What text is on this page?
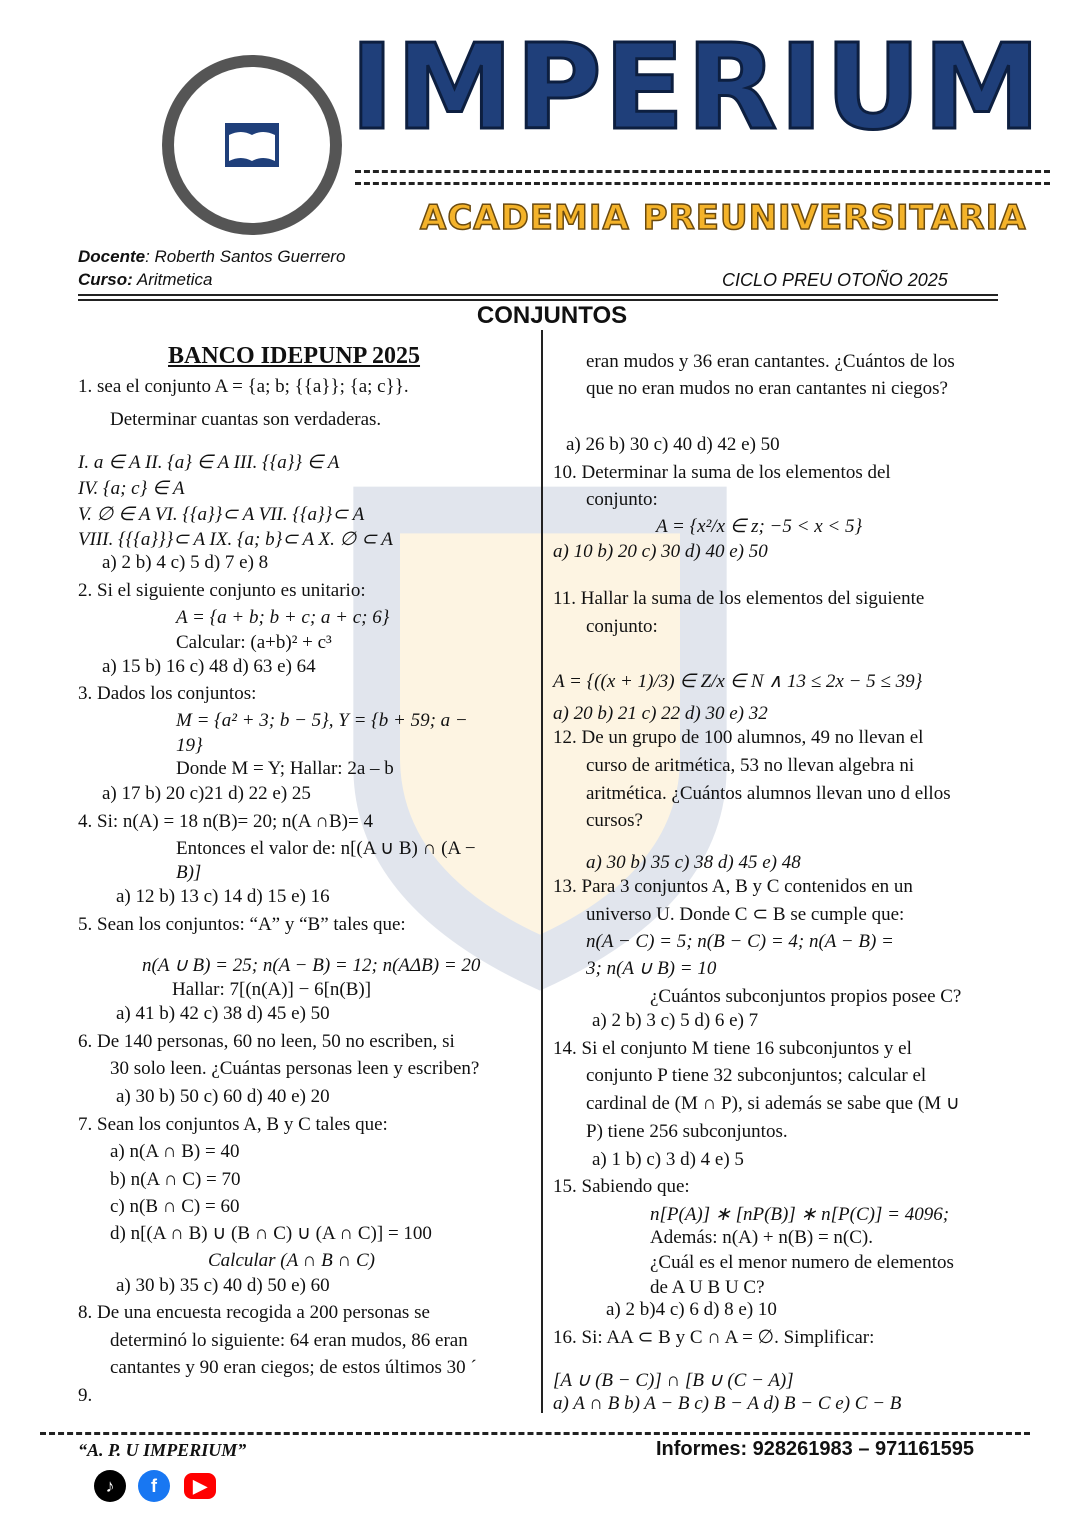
IMPERIUM
ACADEMIA PREUNIVERSITARIA
Docente: Roberth Santos Guerrero
Curso: Aritmetica	CICLO PREU OTOÑO 2025
CONJUNTOS
BANCO IDEPUNP 2025
1. sea el conjunto A = {a; b; {{a}}; {a; c}}.
Determinar cuantas son verdaderas.
I. a ∈ A II. {a} ∈ A III. {{a}} ∈ A
IV. {a; c} ∈ A
V. ∅ ∈ A VI. {{a}}⊂ A VII. {{a}}⊂ A
VIII. {{{a}}}⊂ A IX. {a; b}⊂ A X. ∅ ⊂ A
a) 2 b) 4 c) 5 d) 7 e) 8
2. Si el siguiente conjunto es unitario:
A = {a + b; b + c; a + c; 6}
Calcular: (a+b)² + c³
a) 15 b) 16 c) 48 d) 63 e) 64
3. Dados los conjuntos:
M = {a² + 3; b − 5}, Y = {b + 59; a −
19}
Donde M = Y; Hallar: 2a – b
a) 17 b) 20 c)21 d) 22 e) 25
4. Si: n(A) = 18 n(B)= 20; n(A ∩B)= 4
Entonces el valor de: n[(A ∪ B) ∩ (A −
B)]
a) 12 b) 13 c) 14 d) 15 e) 16
5. Sean los conjuntos: “A” y “B” tales que:
n(A ∪ B) = 25; n(A − B) = 12; n(AΔB) = 20
Hallar: 7[(n(A)] − 6[n(B)]
a) 41 b) 42 c) 38 d) 45 e) 50
6. De 140 personas, 60 no leen, 50 no escriben, si
30 solo leen. ¿Cuántas personas leen y escriben?
a) 30 b) 50 c) 60 d) 40 e) 20
7. Sean los conjuntos A, B y C tales que:
a) n(A ∩ B) = 40
b) n(A ∩ C) = 70
c) n(B ∩ C) = 60
d) n[(A ∩ B) ∪ (B ∩ C) ∪ (A ∩ C)] = 100
Calcular (A ∩ B ∩ C)
a) 30 b) 35 c) 40 d) 50 e) 60
8. De una encuesta recogida a 200 personas se
determinó lo siguiente: 64 eran mudos, 86 eran
cantantes y 90 eran ciegos; de estos últimos 30 ´
9.
eran mudos y 36 eran cantantes. ¿Cuántos de los
que no eran mudos no eran cantantes ni ciegos?
a) 26 b) 30 c) 40 d) 42 e) 50
10. Determinar la suma de los elementos del
conjunto:
A = {x²/x ∈ z; −5 < x < 5}
a) 10 b) 20 c) 30 d) 40 e) 50
11. Hallar la suma de los elementos del siguiente
conjunto:
A = {((x + 1)/3) ∈ Z/x ∈ N ∧ 13 ≤ 2x − 5 ≤ 39}
a) 20 b) 21 c) 22 d) 30 e) 32
12. De un grupo de 100 alumnos, 49 no llevan el
curso de aritmética, 53 no llevan algebra ni
aritmética. ¿Cuántos alumnos llevan uno d ellos
cursos?
a) 30 b) 35 c) 38 d) 45 e) 48
13. Para 3 conjuntos A, B y C contenidos en un
universo U. Donde C ⊂ B se cumple que:
n(A − C) = 5; n(B − C) = 4; n(A − B) =
3; n(A ∪ B) = 10
¿Cuántos subconjuntos propios posee C?
a) 2 b) 3 c) 5 d) 6 e) 7
14. Si el conjunto M tiene 16 subconjuntos y el
conjunto P tiene 32 subconjuntos; calcular el
cardinal de (M ∩ P), si además se sabe que (M ∪
P) tiene 256 subconjuntos.
a) 1 b) c) 3 d) 4 e) 5
15. Sabiendo que:
n[P(A)] ∗ [nP(B)] ∗ n[P(C)] = 4096;
Además: n(A) + n(B) = n(C).
¿Cuál es el menor numero de elementos
de A U B U C?
a) 2 b)4 c) 6 d) 8 e) 10
16. Si: AA ⊂ B y C ∩ A = ∅. Simplificar:
[A ∪ (B − C)] ∩ [B ∪ (C − A)]
a) A ∩ B b) A − B c) B − A d) B − C e) C − B
“A. P. U IMPERIUM”	Informes: 928261983 – 971161595
♪	f	▶
